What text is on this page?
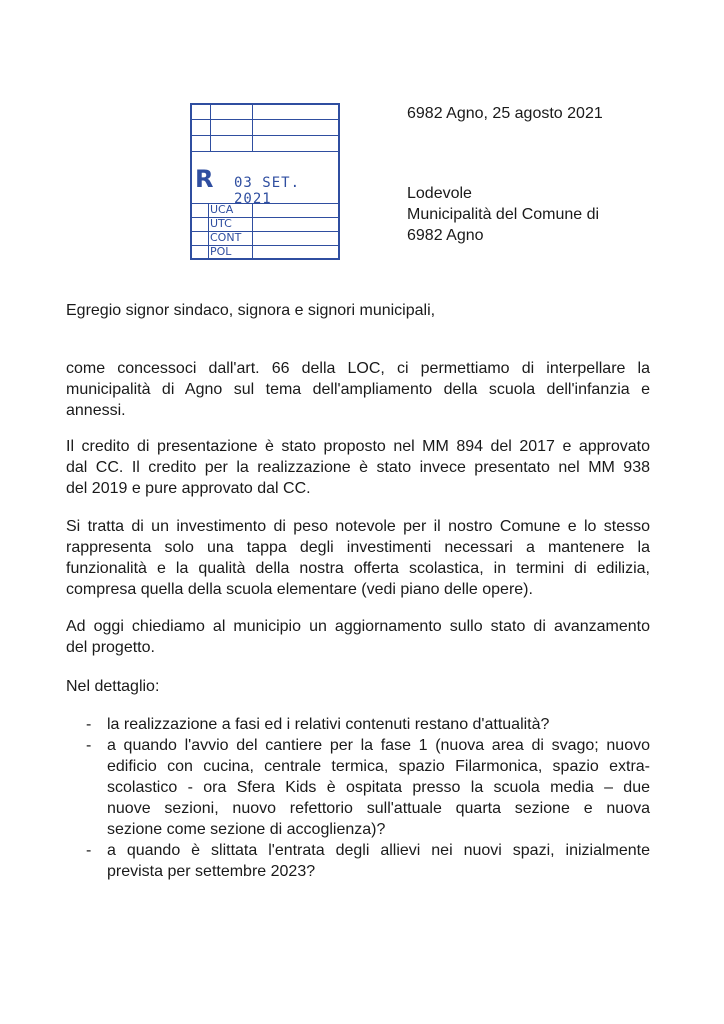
R 03 SET. 2021
UCA
UTC
CONT
POL
6982 Agno, 25 agosto 2021
Lodevole
Municipalità del Comune di
6982 Agno
Egregio signor sindaco, signora e signori municipali,
come concessoci dall'art. 66 della LOC, ci permettiamo di interpellare la
municipalità di Agno sul tema dell'ampliamento della scuola dell'infanzia e
annessi.
Il credito di presentazione è stato proposto nel MM 894 del 2017 e approvato
dal CC. Il credito per la realizzazione è stato invece presentato nel MM 938
del 2019 e pure approvato dal CC.
Si tratta di un investimento di peso notevole per il nostro Comune e lo stesso
rappresenta solo una tappa degli investimenti necessari a mantenere la
funzionalità e la qualità della nostra offerta scolastica, in termini di edilizia,
compresa quella della scuola elementare (vedi piano delle opere).
Ad oggi chiediamo al municipio un aggiornamento sullo stato di avanzamento
del progetto.
Nel dettaglio:
- la realizzazione a fasi ed i relativi contenuti restano d'attualità?
- a quando l'avvio del cantiere per la fase 1 (nuova area di svago; nuovo
edificio con cucina, centrale termica, spazio Filarmonica, spazio extra-
scolastico - ora Sfera Kids è ospitata presso la scuola media – due
nuove sezioni, nuovo refettorio sull'attuale quarta sezione e nuova
sezione come sezione di accoglienza)?
- a quando è slittata l'entrata degli allievi nei nuovi spazi, inizialmente
prevista per settembre 2023?
